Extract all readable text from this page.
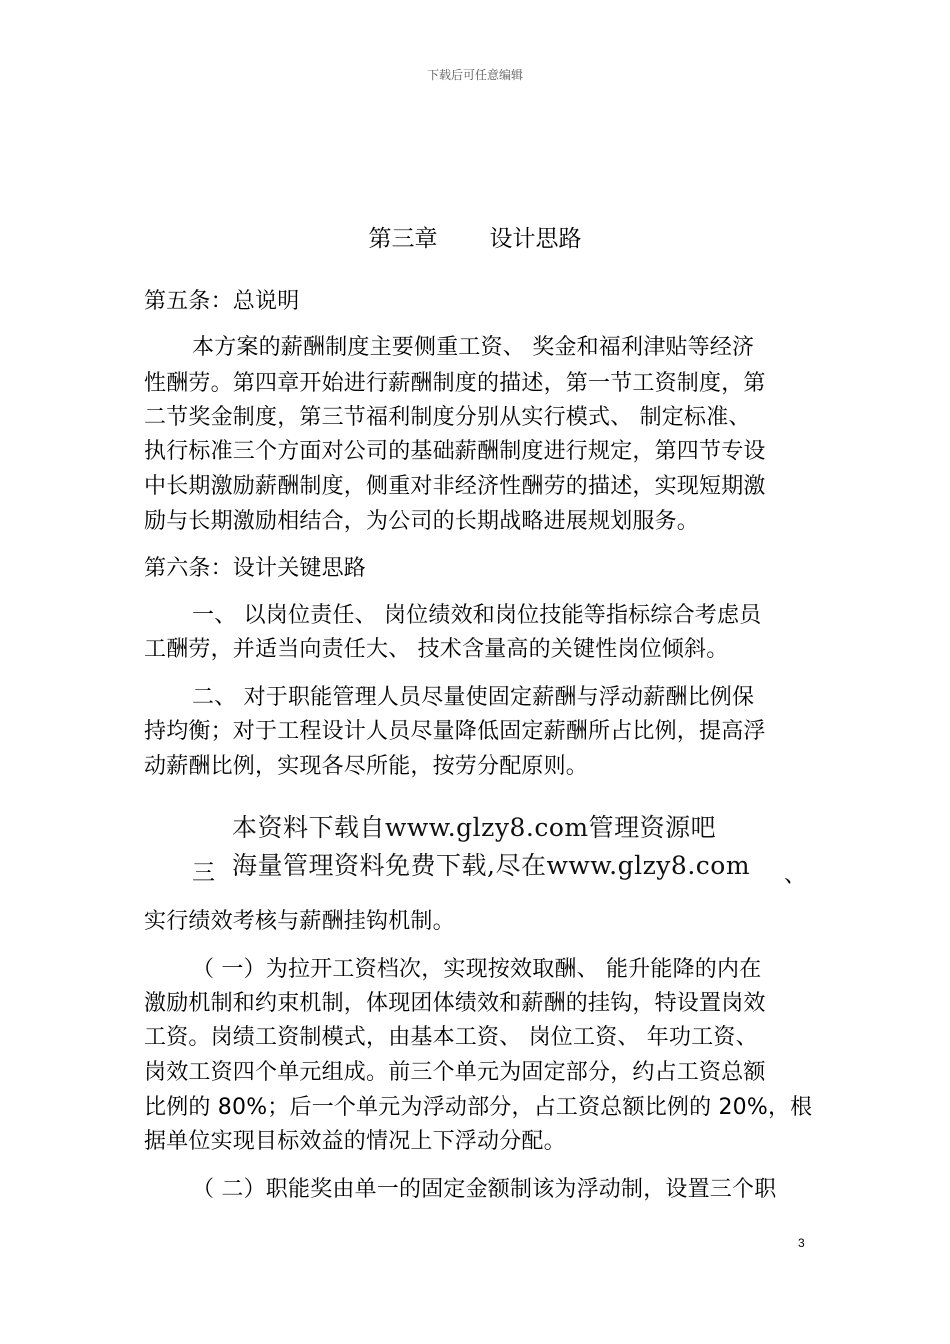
下载后可任意编辑
第三章 设计思路
第五条：总说明
本方案的薪酬制度主要侧重工资、 奖金和福利津贴等经济
性酬劳。第四章开始进行薪酬制度的描述，第一节工资制度，第
二节奖金制度，第三节福利制度分别从实行模式、 制定标准、
执行标准三个方面对公司的基础薪酬制度进行规定，第四节专设
中长期激励薪酬制度，侧重对非经济性酬劳的描述，实现短期激
励与长期激励相结合，为公司的长期战略进展规划服务。
第六条：设计关键思路
一、 以岗位责任、 岗位绩效和岗位技能等指标综合考虑员
工酬劳，并适当向责任大、 技术含量高的关键性岗位倾斜。
二、 对于职能管理人员尽量使固定薪酬与浮动薪酬比例保
持均衡；对于工程设计人员尽量降低固定薪酬所占比例，提高浮
动薪酬比例，实现各尽所能，按劳分配原则。
本资料下载自www.glzy8.com管理资源吧
海量管理资料免费下载,尽在www.glzy8.com
三	、
实行绩效考核与薪酬挂钩机制。
（ 一）为拉开工资档次，实现按效取酬、 能升能降的内在
激励机制和约束机制，体现团体绩效和薪酬的挂钩，特设置岗效
工资。岗绩工资制模式，由基本工资、 岗位工资、 年功工资、
岗效工资四个单元组成。前三个单元为固定部分，约占工资总额
比例的 80%；后一个单元为浮动部分，占工资总额比例的 20%，根
据单位实现目标效益的情况上下浮动分配。
（ 二）职能奖由单一的固定金额制该为浮动制，设置三个职
3
